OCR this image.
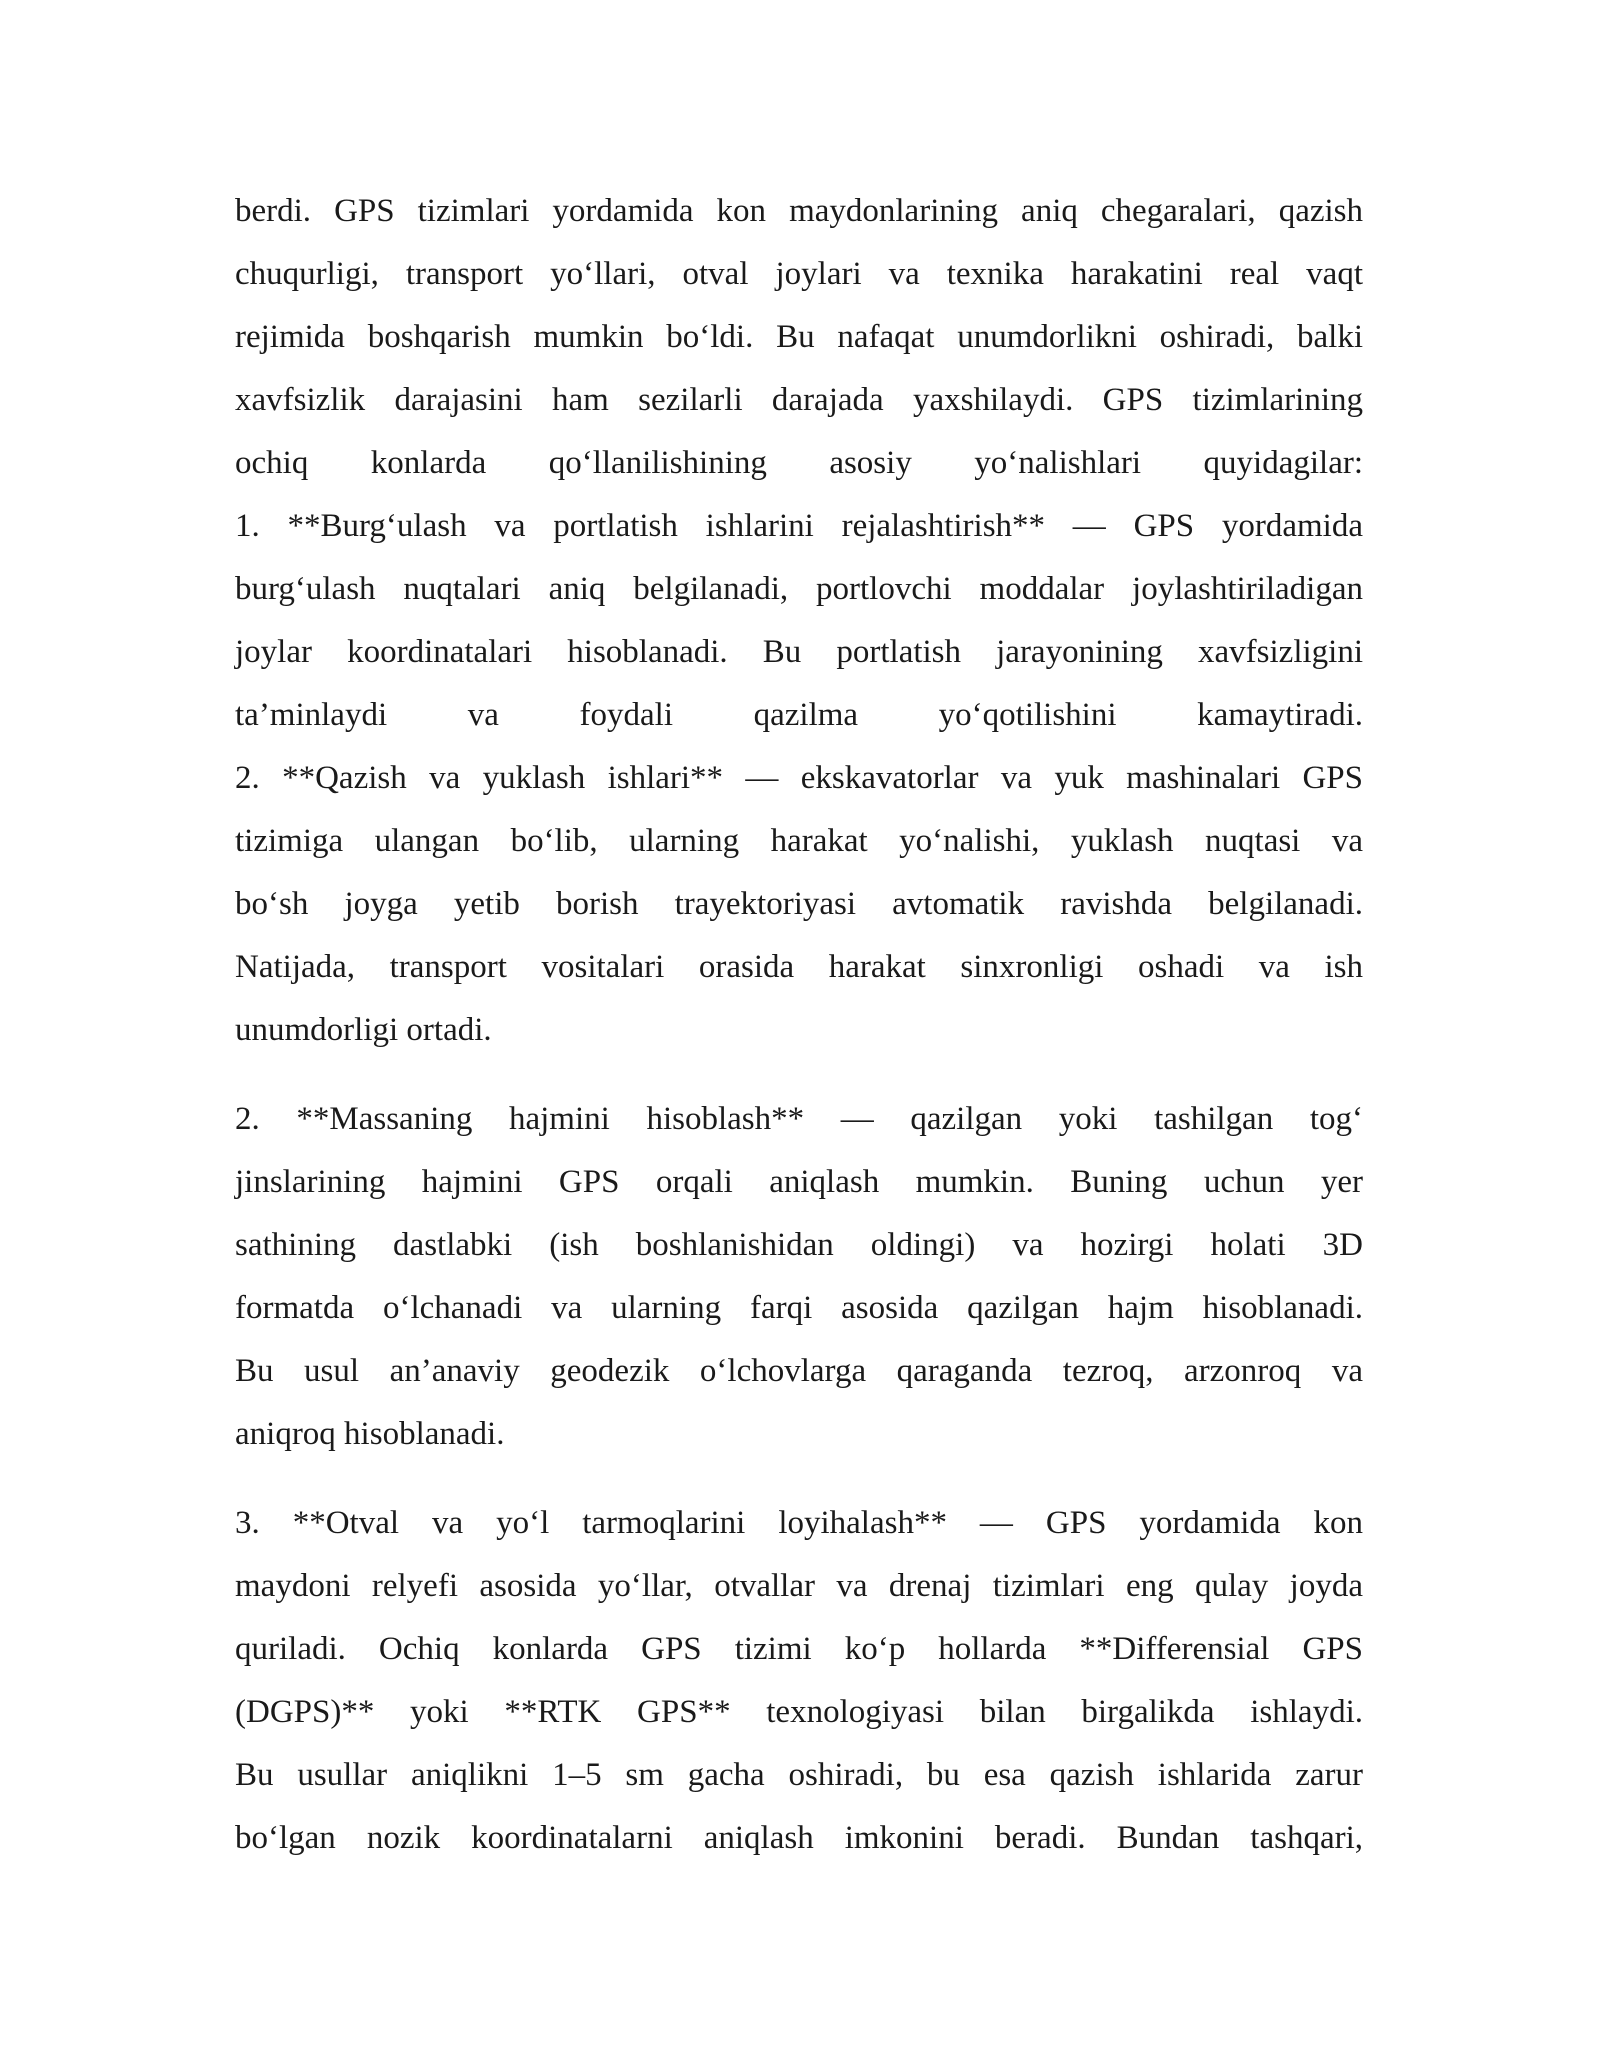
berdi. GPS tizimlari yordamida kon maydonlarining aniq chegaralari, qazish
chuqurligi, transport yo‘llari, otval joylari va texnika harakatini real vaqt
rejimida boshqarish mumkin bo‘ldi. Bu nafaqat unumdorlikni oshiradi, balki
xavfsizlik darajasini ham sezilarli darajada yaxshilaydi. GPS tizimlarining
ochiq konlarda qo‘llanilishining asosiy yo‘nalishlari quyidagilar:
1. **Burg‘ulash va portlatish ishlarini rejalashtirish** — GPS yordamida
burg‘ulash nuqtalari aniq belgilanadi, portlovchi moddalar joylashtiriladigan
joylar koordinatalari hisoblanadi. Bu portlatish jarayonining xavfsizligini
ta’minlaydi va foydali qazilma yo‘qotilishini kamaytiradi.
2. **Qazish va yuklash ishlari** — ekskavatorlar va yuk mashinalari GPS
tizimiga ulangan bo‘lib, ularning harakat yo‘nalishi, yuklash nuqtasi va
bo‘sh joyga yetib borish trayektoriyasi avtomatik ravishda belgilanadi.
Natijada, transport vositalari orasida harakat sinxronligi oshadi va ish
unumdorligi ortadi.
2. **Massaning hajmini hisoblash** — qazilgan yoki tashilgan tog‘
jinslarining hajmini GPS orqali aniqlash mumkin. Buning uchun yer
sathining dastlabki (ish boshlanishidan oldingi) va hozirgi holati 3D
formatda o‘lchanadi va ularning farqi asosida qazilgan hajm hisoblanadi.
Bu usul an’anaviy geodezik o‘lchovlarga qaraganda tezroq, arzonroq va
aniqroq hisoblanadi.
3. **Otval va yo‘l tarmoqlarini loyihalash** — GPS yordamida kon
maydoni relyefi asosida yo‘llar, otvallar va drenaj tizimlari eng qulay joyda
quriladi. Ochiq konlarda GPS tizimi ko‘p hollarda **Differensial GPS
(DGPS)** yoki **RTK GPS** texnologiyasi bilan birgalikda ishlaydi.
Bu usullar aniqlikni 1–5 sm gacha oshiradi, bu esa qazish ishlarida zarur
bo‘lgan nozik koordinatalarni aniqlash imkonini beradi. Bundan tashqari,
